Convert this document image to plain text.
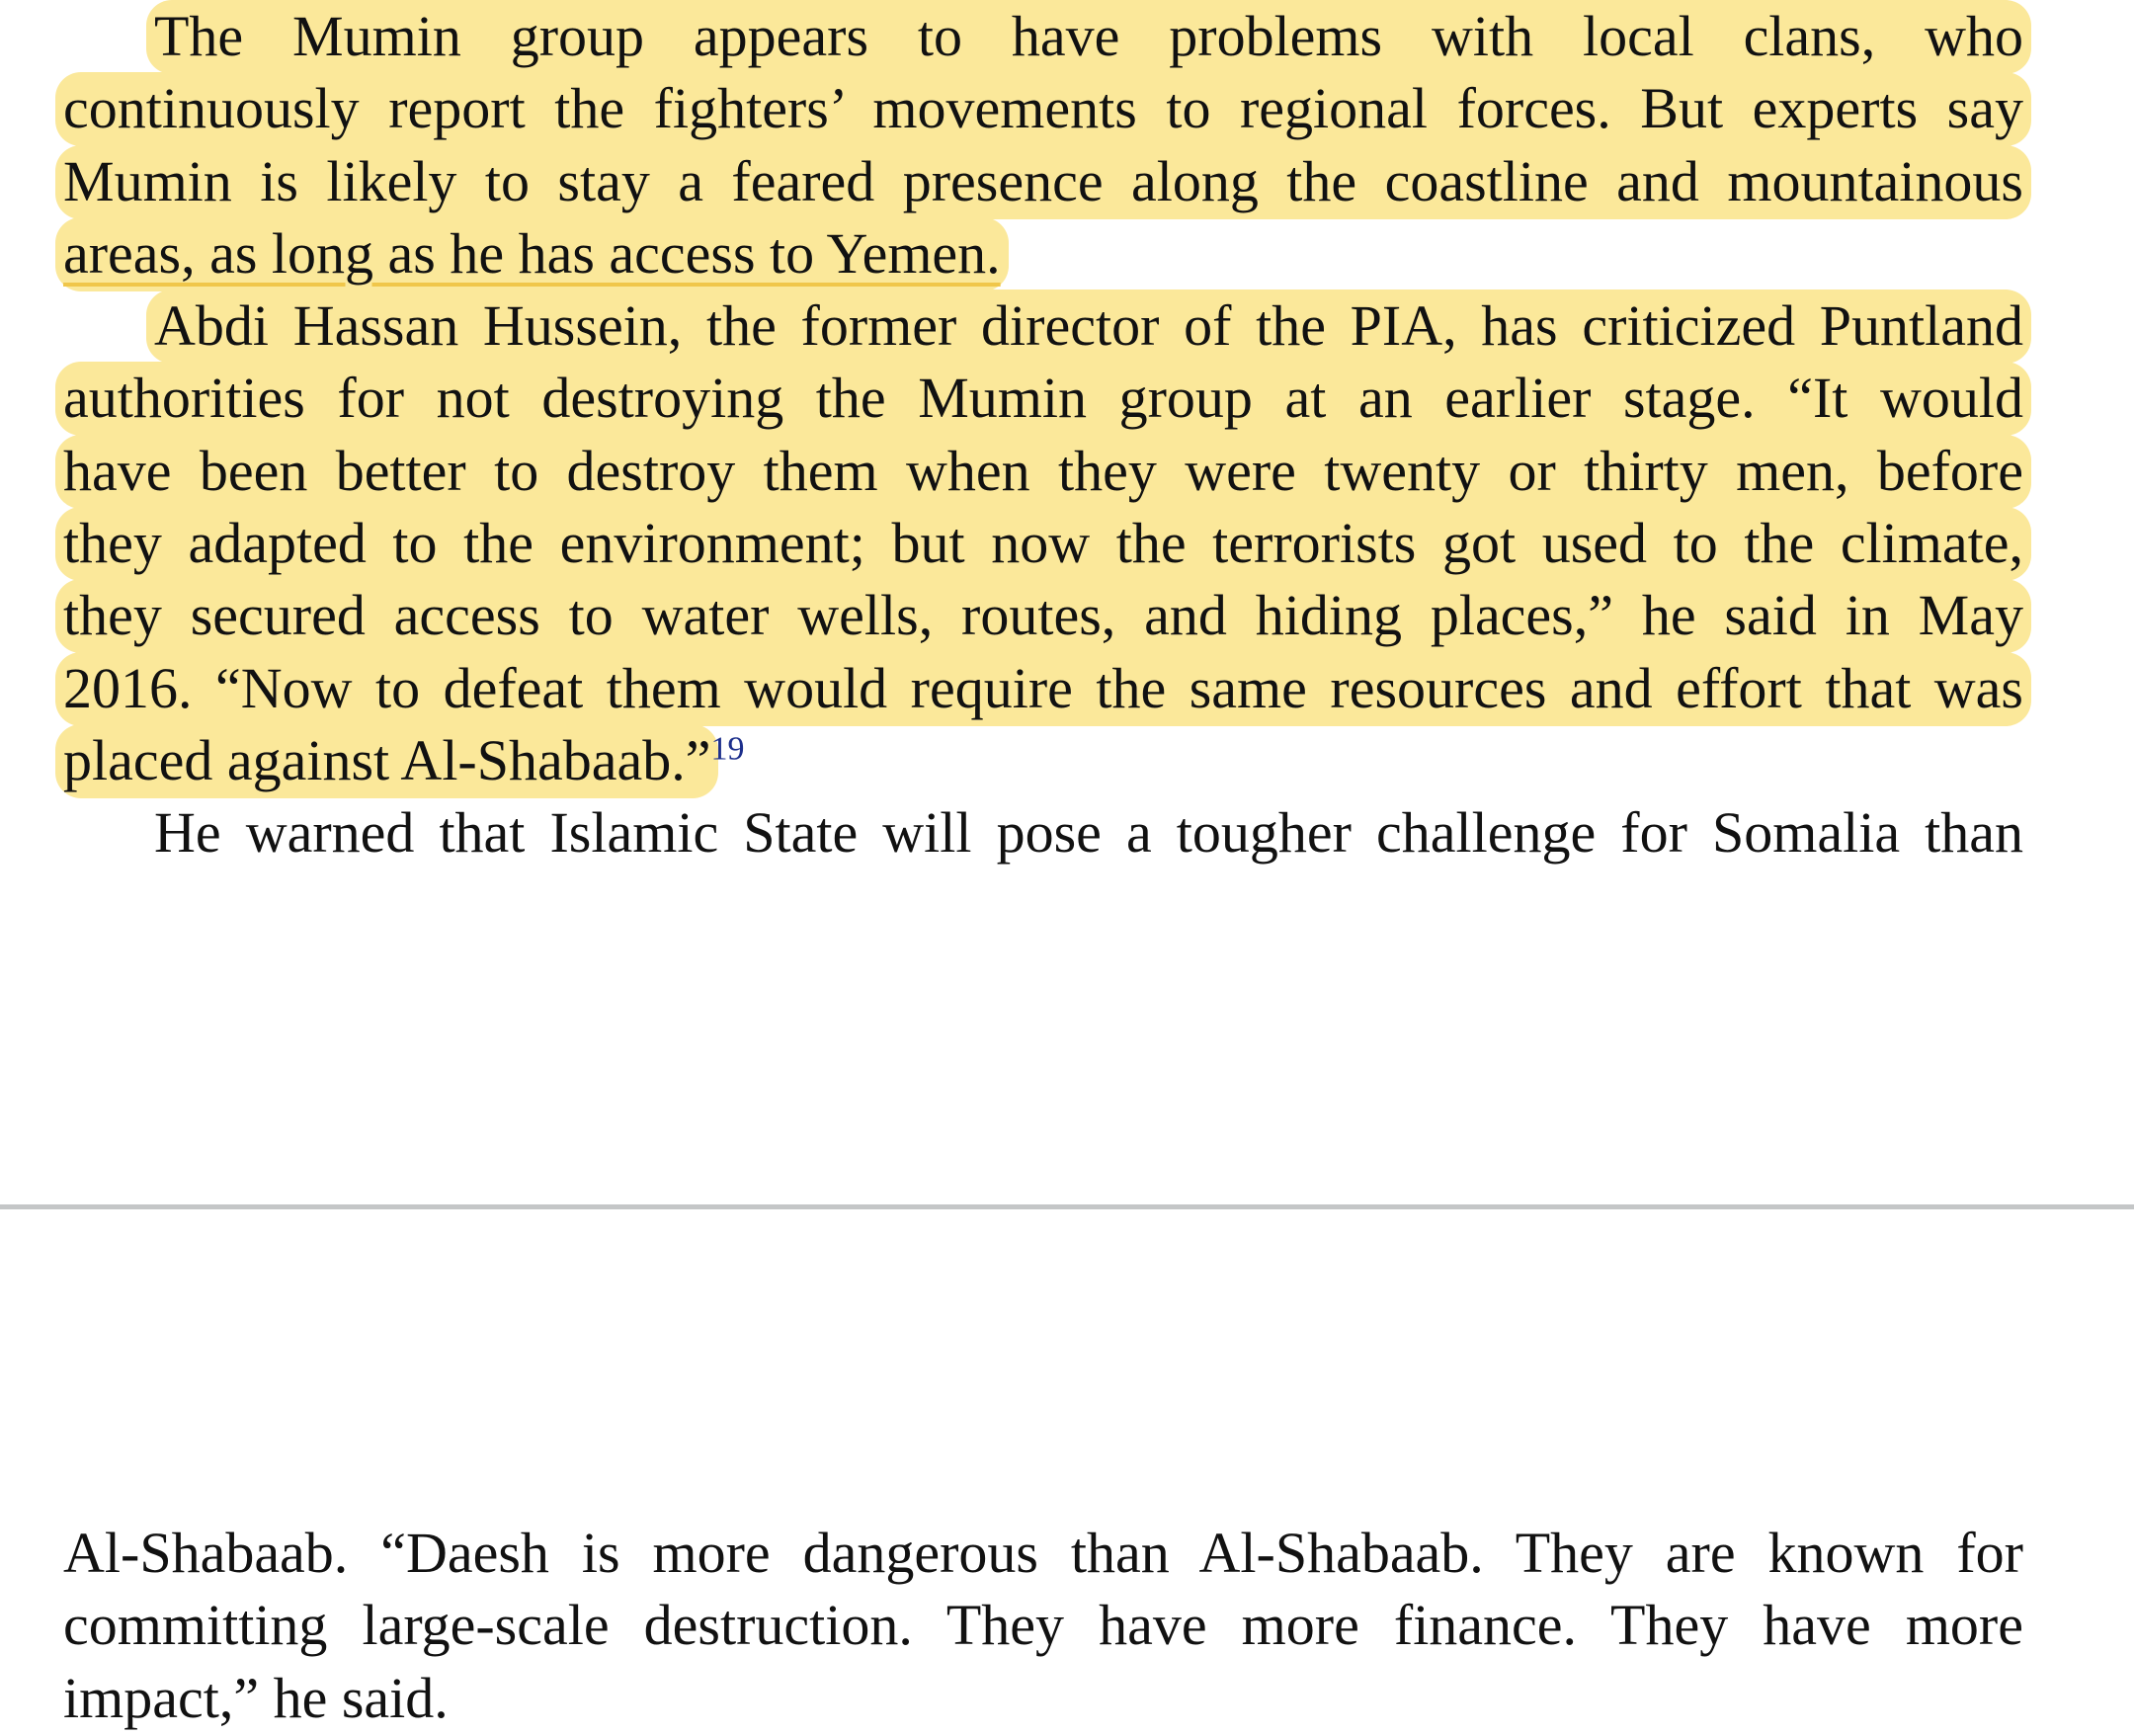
The Mumin group appears to have problems with local clans, who
continuously report the fighters’ movements to regional forces. But experts say
Mumin is likely to stay a feared presence along the coastline and mountainous
areas, as long as he has access to Yemen.
Abdi Hassan Hussein, the former director of the PIA, has criticized Puntland
authorities for not destroying the Mumin group at an earlier stage. “It would
have been better to destroy them when they were twenty or thirty men, before
they adapted to the environment; but now the terrorists got used to the climate,
they secured access to water wells, routes, and hiding places,” he said in May
2016. “Now to defeat them would require the same resources and effort that was
placed against Al-Shabaab.”$^{19}$
He warned that Islamic State will pose a tougher challenge for Somalia than
Al-Shabaab. “Daesh is more dangerous than Al-Shabaab. They are known for
committing large-scale destruction. They have more finance. They have more
impact,” he said.
